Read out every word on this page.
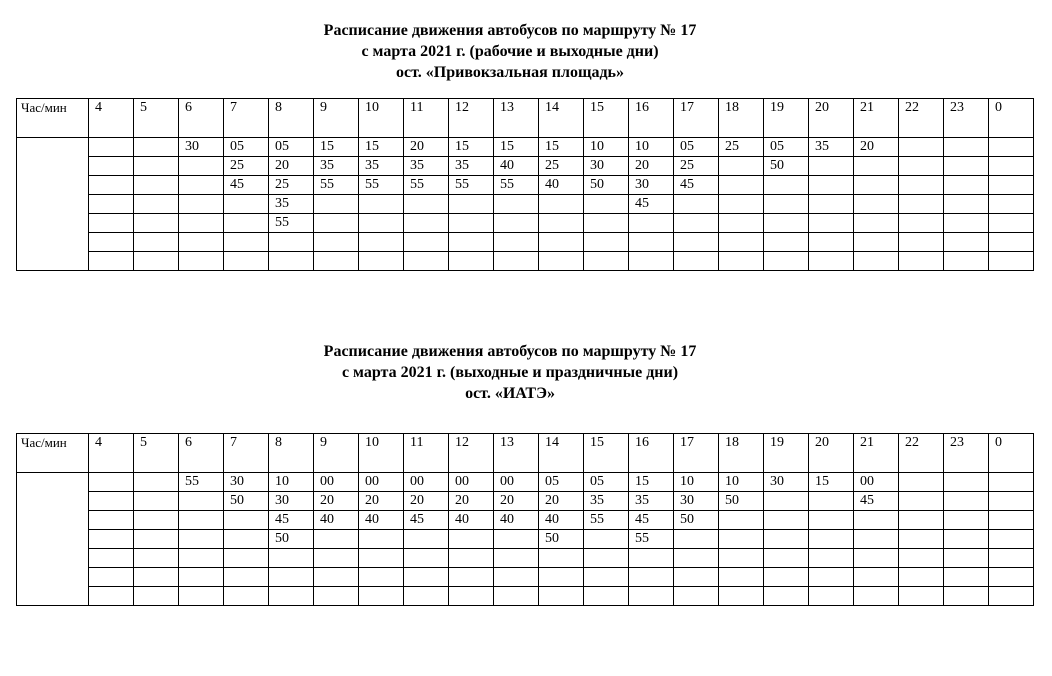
Расписание движения автобусов по маршруту № 17
с марта 2021 г. (рабочие и выходные дни)
ост. «Привокзальная площадь»
Час/мин	4	5	6	7	8	9	10	11	12	13	14	15	16	17	18	19	20	21	22	23	0
			30	05	05	15	15	20	15	15	15	10	10	05	25	05	35	20			
				25	20	35	35	35	35	40	25	30	20	25		50					
				45	25	55	55	55	55	55	40	50	30	45							
					35								45								
					55																

Расписание движения автобусов по маршруту № 17
с марта 2021 г. (выходные и праздничные дни)
ост. «ИАТЭ»
Час/мин	4	5	6	7	8	9	10	11	12	13	14	15	16	17	18	19	20	21	22	23	0
			55	30	10	00	00	00	00	00	05	05	15	10	10	30	15	00			
				50	30	20	20	20	20	20	20	35	35	30	50			45			
					45	40	40	45	40	40	40	55	45	50							
					50						50		55								
